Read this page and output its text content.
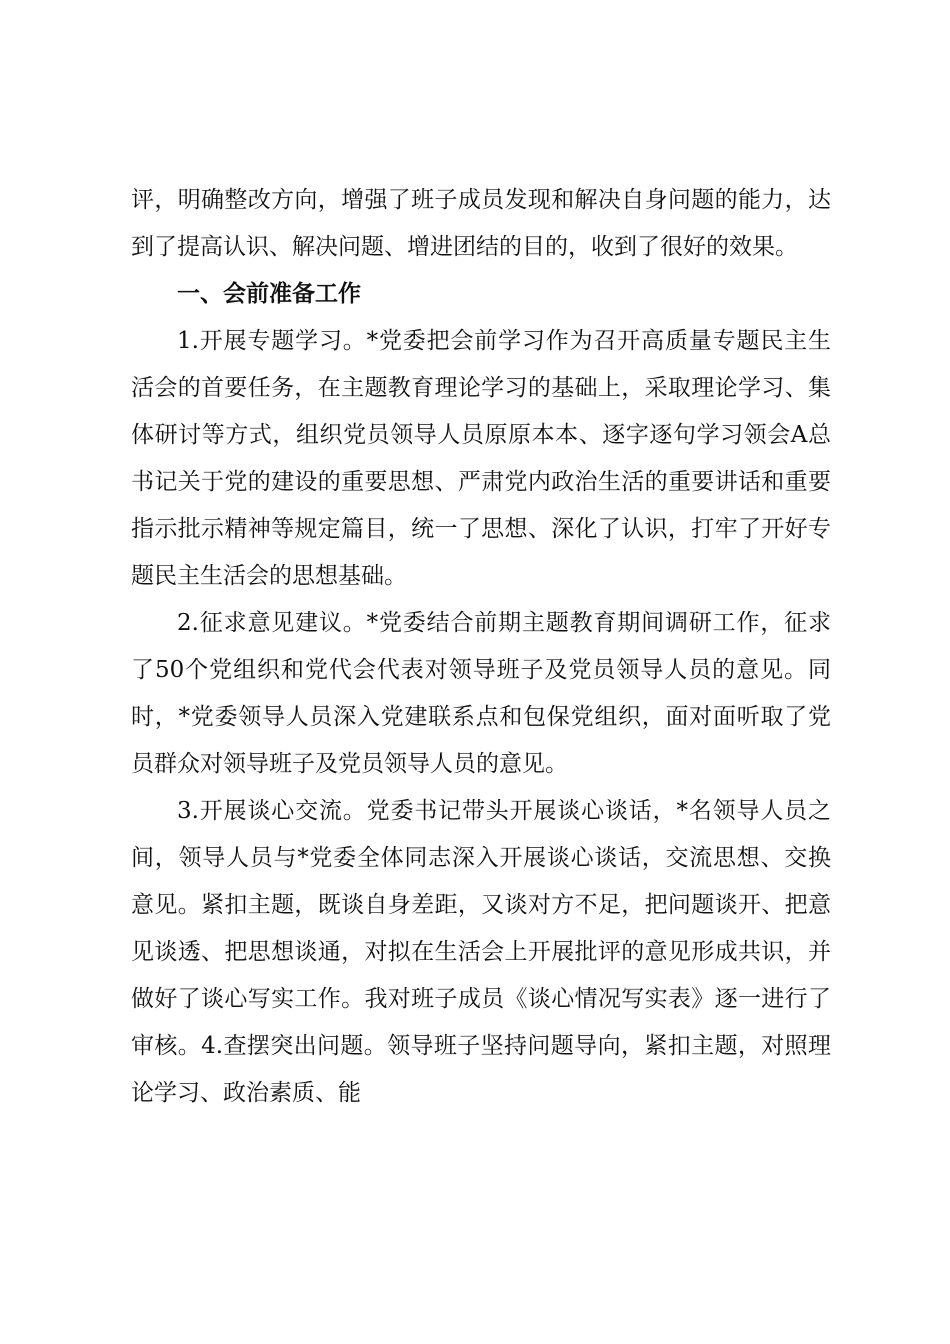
评，明确整改方向，增强了班子成员发现和解决自身问题的能力，达到了提高认识、解决问题、增进团结的目的，收到了很好的效果。

一、会前准备工作

1.开展专题学习。*党委把会前学习作为召开高质量专题民主生活会的首要任务，在主题教育理论学习的基础上，采取理论学习、集体研讨等方式，组织党员领导人员原原本本、逐字逐句学习领会A总书记关于党的建设的重要思想、严肃党内政治生活的重要讲话和重要指示批示精神等规定篇目，统一了思想、深化了认识，打牢了开好专题民主生活会的思想基础。

2.征求意见建议。*党委结合前期主题教育期间调研工作，征求了50个党组织和党代会代表对领导班子及党员领导人员的意见。同时，*党委领导人员深入党建联系点和包保党组织，面对面听取了党员群众对领导班子及党员领导人员的意见。

3.开展谈心交流。党委书记带头开展谈心谈话，*名领导人员之间，领导人员与*党委全体同志深入开展谈心谈话，交流思想、交换意见。紧扣主题，既谈自身差距，又谈对方不足，把问题谈开、把意见谈透、把思想谈通，对拟在生活会上开展批评的意见形成共识，并做好了谈心写实工作。我对班子成员《谈心情况写实表》逐一进行了审核。4.查摆突出问题。领导班子坚持问题导向，紧扣主题，对照理论学习、政治素质、能
